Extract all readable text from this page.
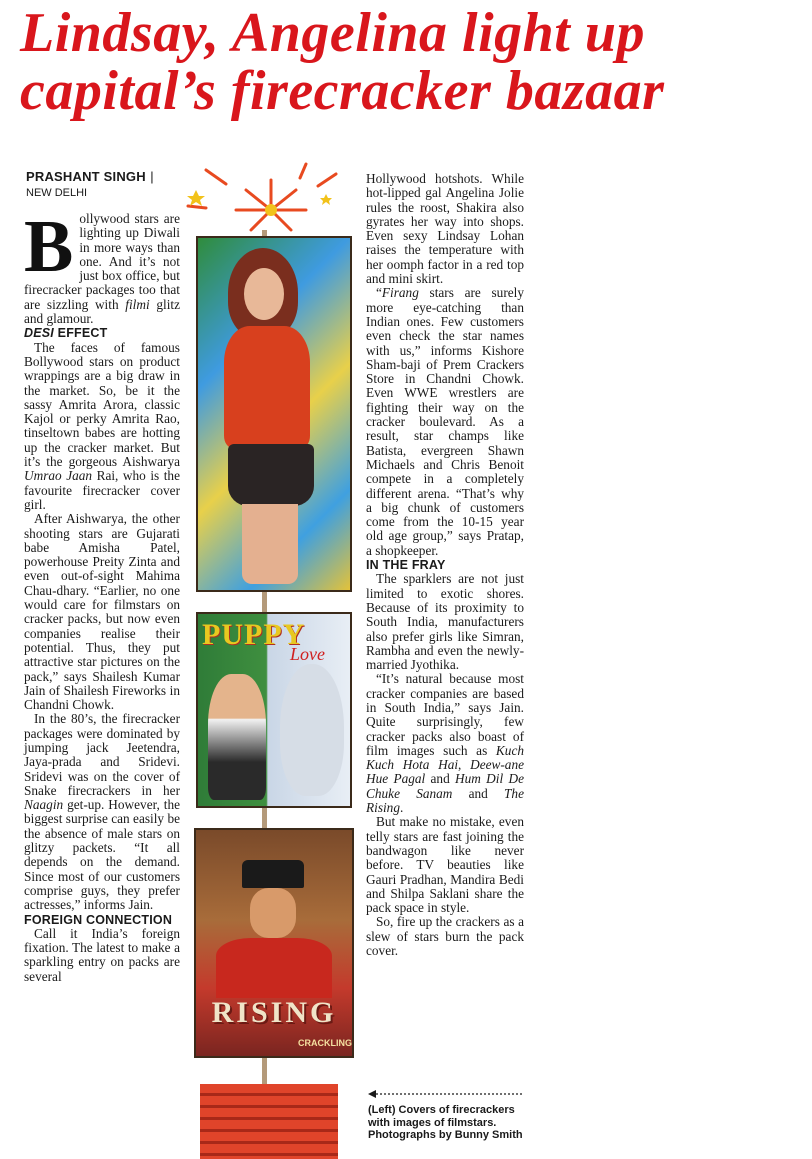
Lindsay, Angelina light up
capital’s firecracker bazaar
PRASHANT SINGH |
NEW DELHI

Bollywood stars are lighting up Diwali in more ways than one. And it’s not just box office, but firecracker packages too that are sizzling with filmi glitz and glamour.

DESI EFFECT

The faces of famous Bollywood stars on product wrappings are a big draw in the market. So, be it the sassy Amrita Arora, classic Kajol or perky Amrita Rao, tinseltown babes are hotting up the cracker market. But it’s the gorgeous Aishwarya Umrao Jaan Rai, who is the favourite firecracker cover girl.

After Aishwarya, the other shooting stars are Gujarati babe Amisha Patel, powerhouse Preity Zinta and even out-of-sight Mahima Chau-dhary. “Earlier, no one would care for filmstars on cracker packs, but now even companies realise their potential. Thus, they put attractive star pictures on the pack,” says Shailesh Kumar Jain of Shailesh Fireworks in Chandni Chowk.

In the 80’s, the firecracker packages were dominated by jumping jack Jeetendra, Jaya-prada and Sridevi. Sridevi was on the cover of Snake firecrackers in her Naagin get-up. However, the biggest surprise can easily be the absence of male stars on glitzy packets. “It all depends on the demand. Since most of our customers comprise guys, they prefer actresses,” informs Jain.

FOREIGN CONNECTION

Call it India’s foreign fixation. The latest to make a sparkling entry on packs are several

PUPPY
Love
RISING
CRACKLING

Hollywood hotshots. While hot-lipped gal Angelina Jolie rules the roost, Shakira also gyrates her way into shops. Even sexy Lindsay Lohan raises the temperature with her oomph factor in a red top and mini skirt.

“Firang stars are surely more eye-catching than Indian ones. Few customers even check the star names with us,” informs Kishore Sham-baji of Prem Crackers Store in Chandni Chowk. Even WWE wrestlers are fighting their way on the cracker boulevard. As a result, star champs like Batista, evergreen Shawn Michaels and Chris Benoit compete in a completely different arena. “That’s why a big chunk of customers come from the 10-15 year old age group,” says Pratap, a shopkeeper.

IN THE FRAY

The sparklers are not just limited to exotic shores. Because of its proximity to South India, manufacturers also prefer girls like Simran, Rambha and even the newly-married Jyothika.

“It’s natural because most cracker companies are based in South India,” says Jain. Quite surprisingly, few cracker packs also boast of film images such as Kuch Kuch Hota Hai, Deew-ane Hue Pagal and Hum Dil De Chuke Sanam and The Rising.

But make no mistake, even telly stars are fast joining the bandwagon like never before. TV beauties like Gauri Pradhan, Mandira Bedi and Shilpa Saklani share the pack space in style.

So, fire up the crackers as a slew of stars burn the pack cover.

(Left) Covers of firecrackers with images of filmstars. Photographs by Bunny Smith
